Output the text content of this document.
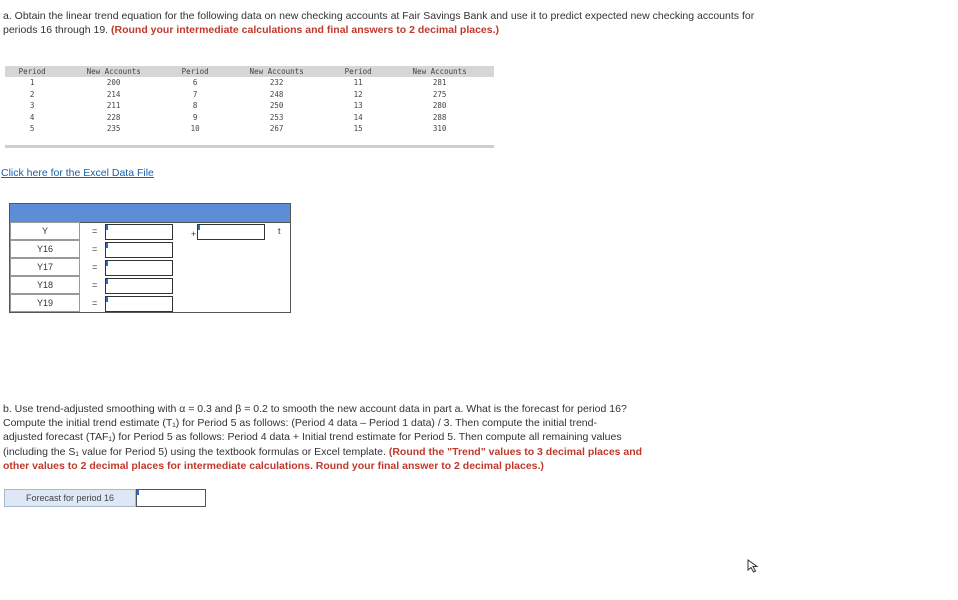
a. Obtain the linear trend equation for the following data on new checking accounts at Fair Savings Bank and use it to predict expected new checking accounts for periods 16 through 19. (Round your intermediate calculations and final answers to 2 decimal places.)
Period	New Accounts	Period	New Accounts	Period	New Accounts
1	200	6	232	11	281
2	214	7	248	12	275
3	211	8	250	13	280
4	228	9	253	14	288
5	235	10	267	15	310
Click here for the Excel Data File
Y	=	+	t
Y16	=
Y17	=
Y18	=
Y19	=
b. Use trend-adjusted smoothing with α = 0.3 and β = 0.2 to smooth the new account data in part a. What is the forecast for period 16?
Compute the initial trend estimate (T₁) for Period 5 as follows: (Period 4 data – Period 1 data) / 3. Then compute the initial trend-
adjusted forecast (TAF₁) for Period 5 as follows: Period 4 data + Initial trend estimate for Period 5. Then compute all remaining values
(including the S₁ value for Period 5) using the textbook formulas or Excel template. (Round the "Trend" values to 3 decimal places and
other values to 2 decimal places for intermediate calculations. Round your final answer to 2 decimal places.)
Forecast for period 16
